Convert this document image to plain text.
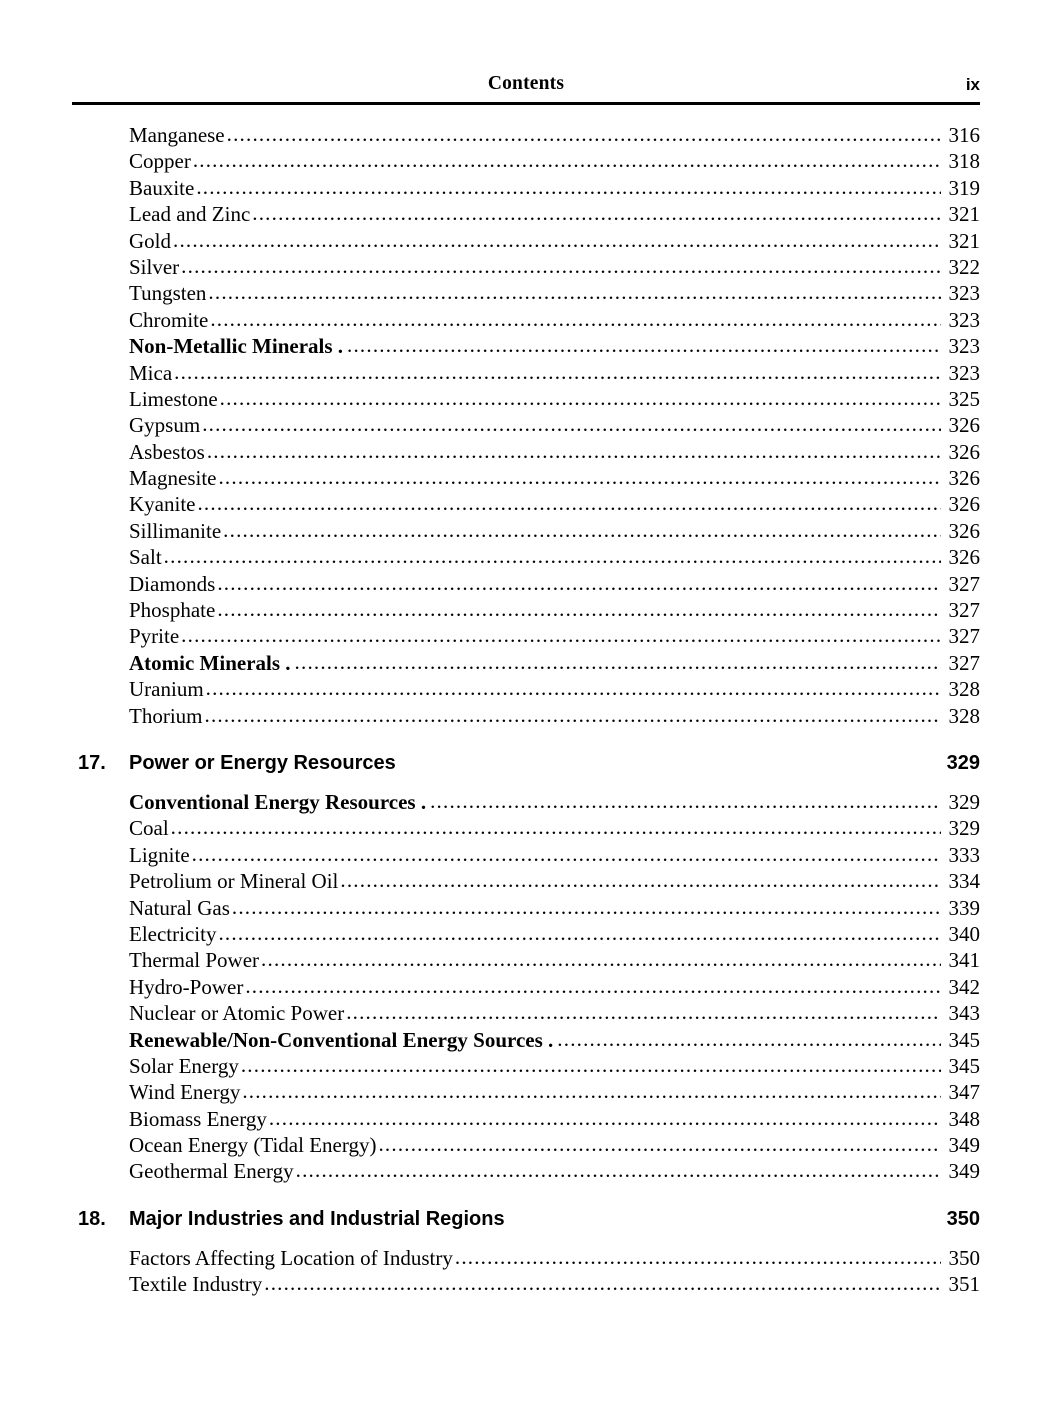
Contents	ix
Manganese .....	316
Copper .....	318
Bauxite .....	319
Lead and Zinc .....	321
Gold .....	321
Silver .....	322
Tungsten .....	323
Chromite .....	323
Non-Metallic Minerals . .....	323
Mica .....	323
Limestone .....	325
Gypsum .....	326
Asbestos .....	326
Magnesite .....	326
Kyanite .....	326
Sillimanite .....	326
Salt .....	326
Diamonds .....	327
Phosphate .....	327
Pyrite .....	327
Atomic Minerals . .....	327
Uranium .....	328
Thorium .....	328
17.	Power or Energy Resources	329
Conventional Energy Resources . .....	329
Coal .....	329
Lignite .....	333
Petrolium or Mineral Oil .....	334
Natural Gas .....	339
Electricity .....	340
Thermal Power .....	341
Hydro-Power .....	342
Nuclear or Atomic Power .....	343
Renewable/Non-Conventional Energy Sources . .....	345
Solar Energy .....	345
Wind Energy .....	347
Biomass Energy .....	348
Ocean Energy (Tidal Energy) .....	349
Geothermal Energy .....	349
18.	Major Industries and Industrial Regions	350
Factors Affecting Location of Industry .....	350
Textile Industry .....	351
